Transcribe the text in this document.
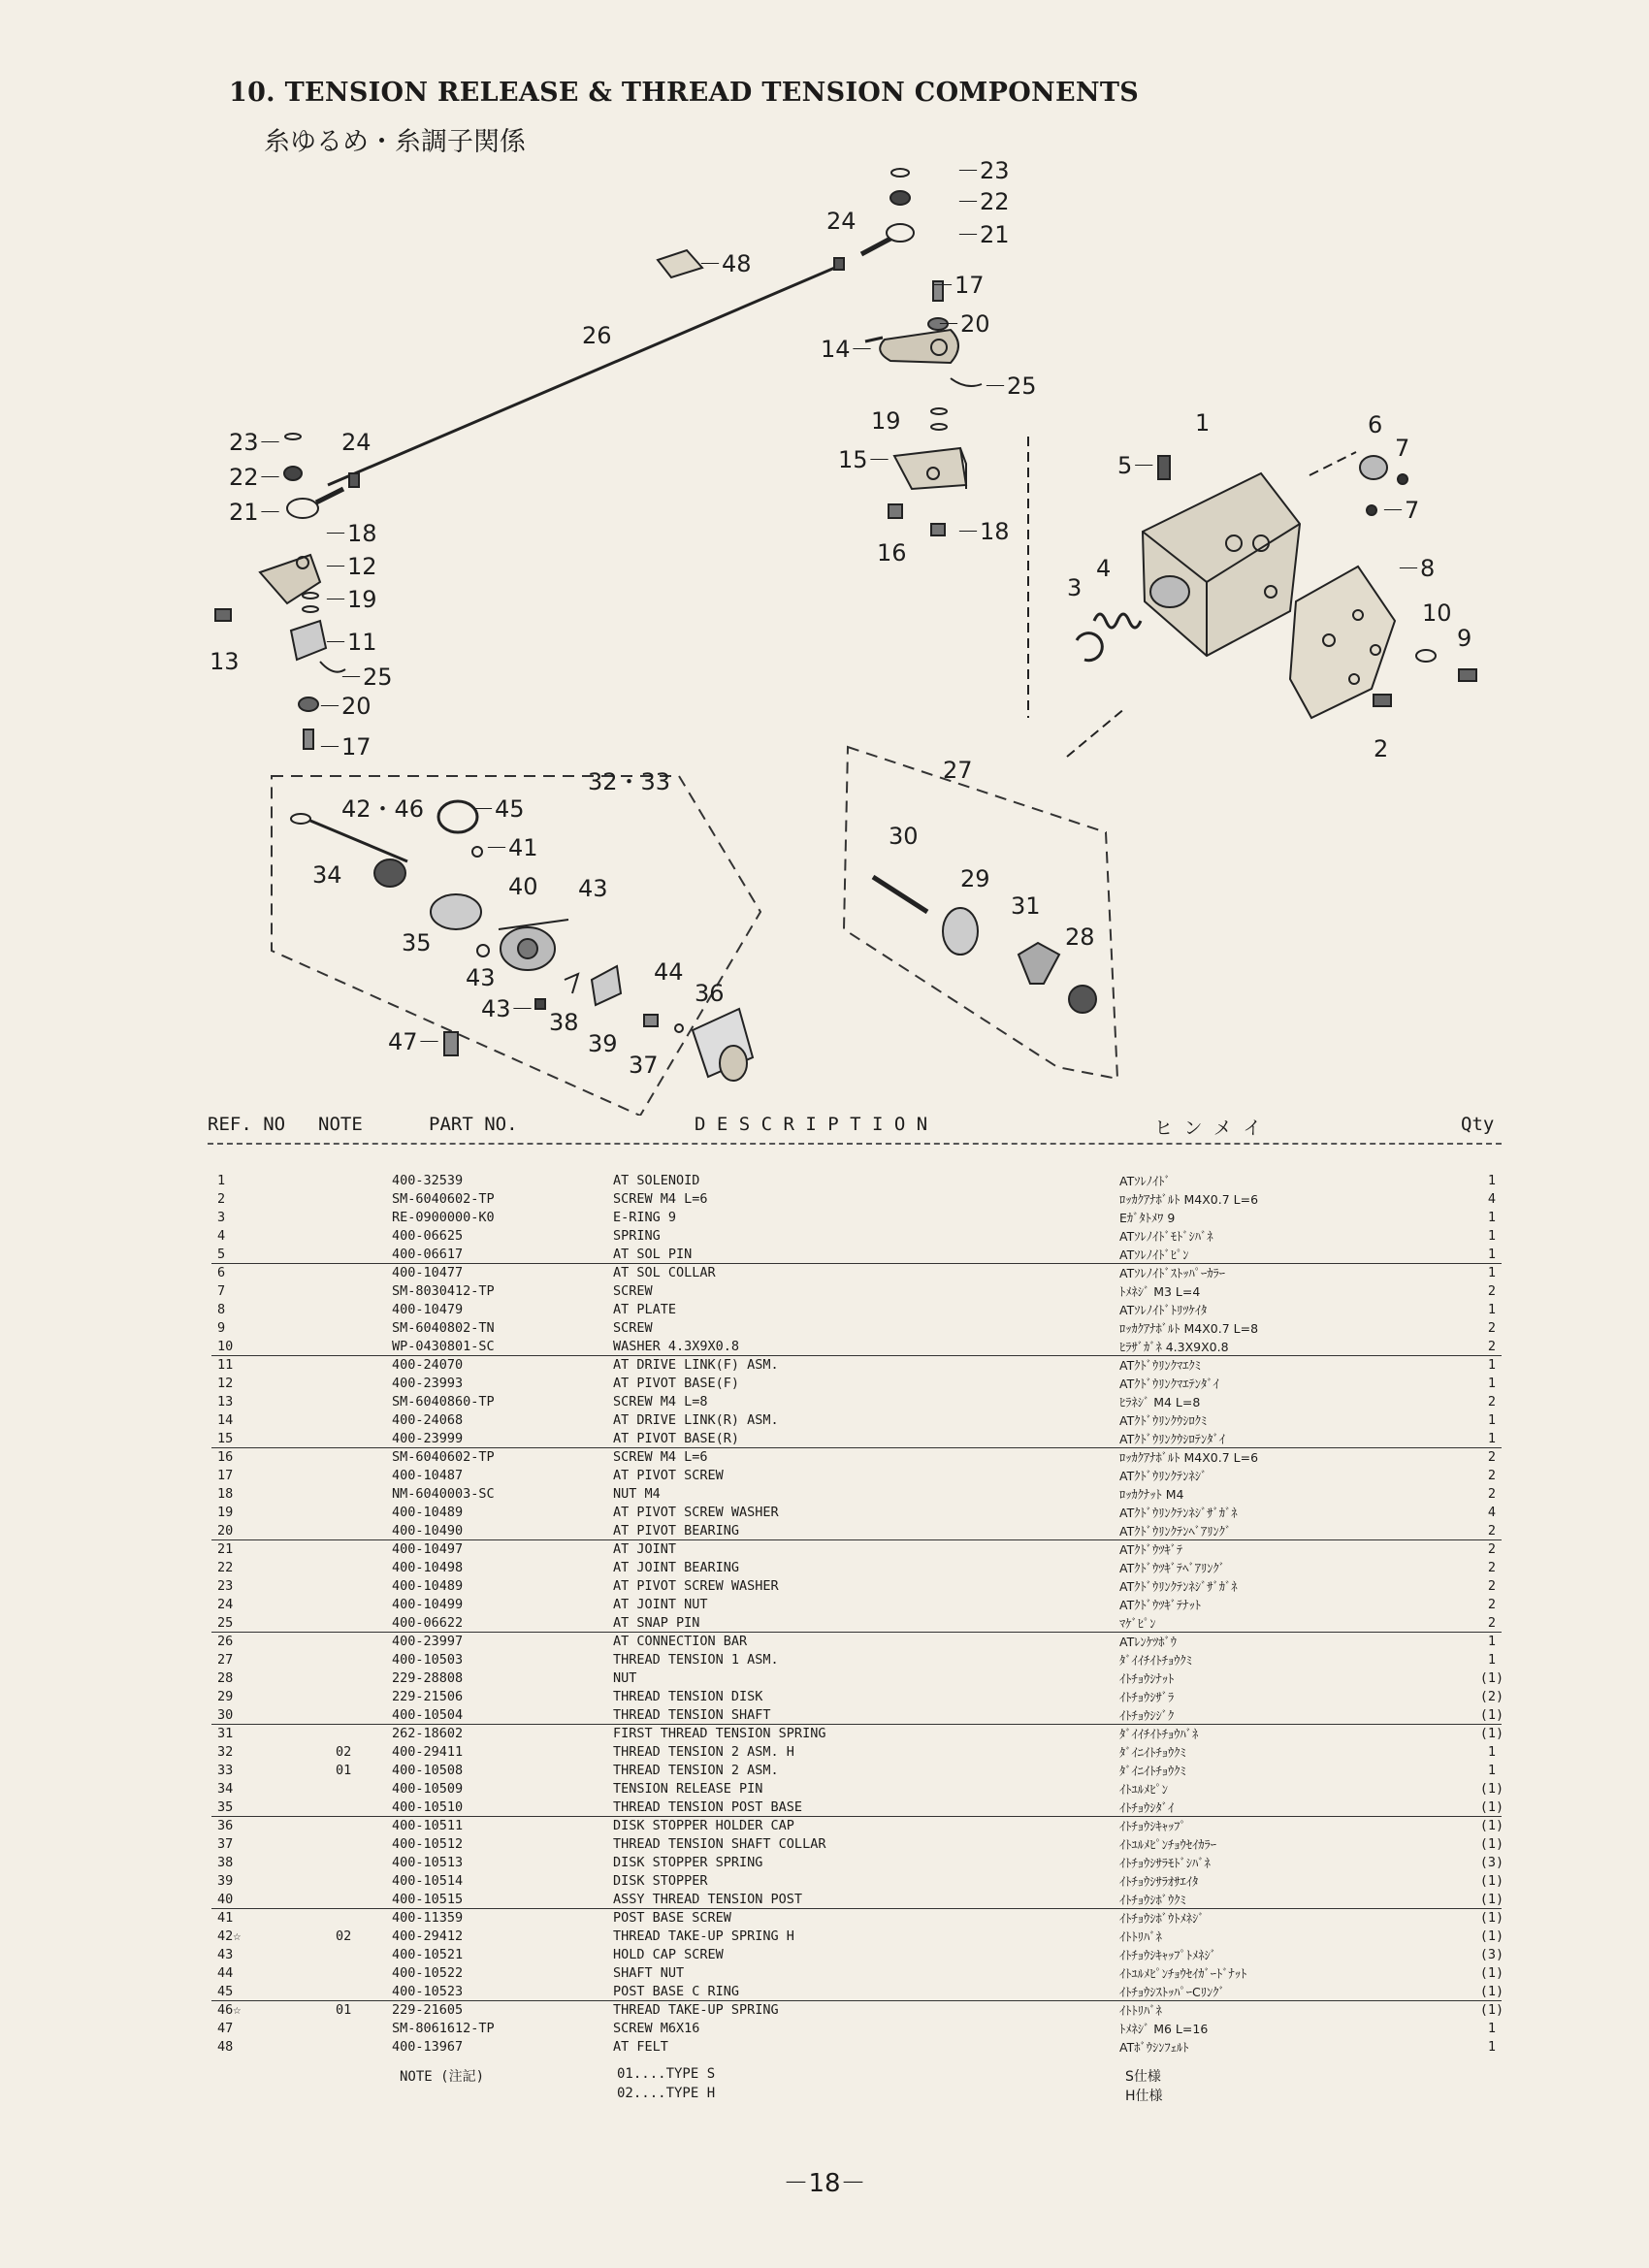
10. TENSION RELEASE & THREAD TENSION COMPONENTS
糸ゆるめ・糸調子関係
－23
－22
－21
24
－48
－17
－20
14－
－25
26
19
15－
－18
16
1
5－
6
7
－7
－8
3
4
10
9
2
23－
22－
21－
24
－18
－12
－19
－11
13
－25
－20
－17
32・33
42・46 －45
－41
34	40 43
35
43
43－ 38
39
44
36
37
47－
27
30
29
31
28
REF. NO NOTE	PART NO.	D E S C R I P T I O N	ヒ ン メ イ	Qty
1	400-32539	AT SOLENOID	ATｿﾚﾉｲﾄﾞ	1
2	SM-6040602-TP	SCREW M4 L=6	ﾛｯｶｸｱﾅﾎﾞﾙﾄ M4X0.7 L=6	4
3	RE-0900000-K0	E-RING 9	Eｶﾞﾀﾄﾒﾜ 9	1
4	400-06625	SPRING	ATｿﾚﾉｲﾄﾞﾓﾄﾞｼﾊﾞﾈ	1
5	400-06617	AT SOL PIN	ATｿﾚﾉｲﾄﾞﾋﾟﾝ	1
6	400-10477	AT SOL COLLAR	ATｿﾚﾉｲﾄﾞｽﾄｯﾊﾟｰｶﾗｰ	1
7	SM-8030412-TP	SCREW	ﾄﾒﾈｼﾞ M3 L=4	2
8	400-10479	AT PLATE	ATｿﾚﾉｲﾄﾞﾄﾘﾂｹｲﾀ	1
9	SM-6040802-TN	SCREW	ﾛｯｶｸｱﾅﾎﾞﾙﾄ M4X0.7 L=8	2
10	WP-0430801-SC	WASHER 4.3X9X0.8	ﾋﾗｻﾞｶﾞﾈ 4.3X9X0.8	2
11	400-24070	AT DRIVE LINK(F) ASM.	ATｸﾄﾞｳﾘﾝｸﾏｴｸﾐ	1
12	400-23993	AT PIVOT BASE(F)	ATｸﾄﾞｳﾘﾝｸﾏｴﾃﾝﾀﾞｲ	1
13	SM-6040860-TP	SCREW M4 L=8	ﾋﾗﾈｼﾞ M4 L=8	2
14	400-24068	AT DRIVE LINK(R) ASM.	ATｸﾄﾞｳﾘﾝｸｳｼﾛｸﾐ	1
15	400-23999	AT PIVOT BASE(R)	ATｸﾄﾞｳﾘﾝｸｳｼﾛﾃﾝﾀﾞｲ	1
16	SM-6040602-TP	SCREW M4 L=6	ﾛｯｶｸｱﾅﾎﾞﾙﾄ M4X0.7 L=6	2
17	400-10487	AT PIVOT SCREW	ATｸﾄﾞｳﾘﾝｸﾃﾝﾈｼﾞ	2
18	NM-6040003-SC	NUT M4	ﾛｯｶｸﾅｯﾄ M4	2
19	400-10489	AT PIVOT SCREW WASHER	ATｸﾄﾞｳﾘﾝｸﾃﾝﾈｼﾞｻﾞｶﾞﾈ	4
20	400-10490	AT PIVOT BEARING	ATｸﾄﾞｳﾘﾝｸﾃﾝﾍﾞｱﾘﾝｸﾞ	2
21	400-10497	AT JOINT	ATｸﾄﾞｳﾂｷﾞﾃ	2
22	400-10498	AT JOINT BEARING	ATｸﾄﾞｳﾂｷﾞﾃﾍﾞｱﾘﾝｸﾞ	2
23	400-10489	AT PIVOT SCREW WASHER	ATｸﾄﾞｳﾘﾝｸﾃﾝﾈｼﾞｻﾞｶﾞﾈ	2
24	400-10499	AT JOINT NUT	ATｸﾄﾞｳﾂｷﾞﾃﾅｯﾄ	2
25	400-06622	AT SNAP PIN	ﾏｹﾞﾋﾟﾝ	2
26	400-23997	AT CONNECTION BAR	ATﾚﾝｹﾂﾎﾞｳ	1
27	400-10503	THREAD TENSION 1 ASM.	ﾀﾞｲｲﾁｲﾄﾁｮｳｸﾐ	1
28	229-28808	NUT	ｲﾄﾁｮｳｼﾅｯﾄ	(1)
29	229-21506	THREAD TENSION DISK	ｲﾄﾁｮｳｼｻﾞﾗ	(2)
30	400-10504	THREAD TENSION SHAFT	ｲﾄﾁｮｳｼｼﾞｸ	(1)
31	262-18602	FIRST THREAD TENSION SPRING	ﾀﾞｲｲﾁｲﾄﾁｮｳﾊﾞﾈ	(1)
32	02	400-29411	THREAD TENSION 2 ASM. H	ﾀﾞｲﾆｲﾄﾁｮｳｸﾐ	1
33	01	400-10508	THREAD TENSION 2 ASM.	ﾀﾞｲﾆｲﾄﾁｮｳｸﾐ	1
34	400-10509	TENSION RELEASE PIN	ｲﾄﾕﾙﾒﾋﾟﾝ	(1)
35	400-10510	THREAD TENSION POST BASE	ｲﾄﾁｮｳｼﾀﾞｲ	(1)
36	400-10511	DISK STOPPER HOLDER CAP	ｲﾄﾁｮｳｼｷｬｯﾌﾟ	(1)
37	400-10512	THREAD TENSION SHAFT COLLAR	ｲﾄﾕﾙﾒﾋﾟﾝﾁｮｳｾｲｶﾗｰ	(1)
38	400-10513	DISK STOPPER SPRING	ｲﾄﾁｮｳｼｻﾗﾓﾄﾞｼﾊﾞﾈ	(3)
39	400-10514	DISK STOPPER	ｲﾄﾁｮｳｼｻﾗｵｻｴｲﾀ	(1)
40	400-10515	ASSY THREAD TENSION POST	ｲﾄﾁｮｳｼﾎﾞｳｸﾐ	(1)
41	400-11359	POST BASE SCREW	ｲﾄﾁｮｳｼﾎﾞｳﾄﾒﾈｼﾞ	(1)
42☆	02	400-29412	THREAD TAKE-UP SPRING H	ｲﾄﾄﾘﾊﾞﾈ	(1)
43	400-10521	HOLD CAP SCREW	ｲﾄﾁｮｳｼｷｬｯﾌﾟﾄﾒﾈｼﾞ	(3)
44	400-10522	SHAFT NUT	ｲﾄﾕﾙﾒﾋﾟﾝﾁｮｳｾｲｶﾞｰﾄﾞﾅｯﾄ	(1)
45	400-10523	POST BASE C RING	ｲﾄﾁｮｳｼｽﾄｯﾊﾟｰCﾘﾝｸﾞ	(1)
46☆	01	229-21605	THREAD TAKE-UP SPRING	ｲﾄﾄﾘﾊﾞﾈ	(1)
47	SM-8061612-TP	SCREW M6X16	ﾄﾒﾈｼﾞ M6 L=16	1
48	400-13967	AT FELT	ATﾎﾞｳｼﾝﾌｪﾙﾄ	1
NOTE (注記)	01....TYPE S
02....TYPE H
S仕様
H仕様
－18－
